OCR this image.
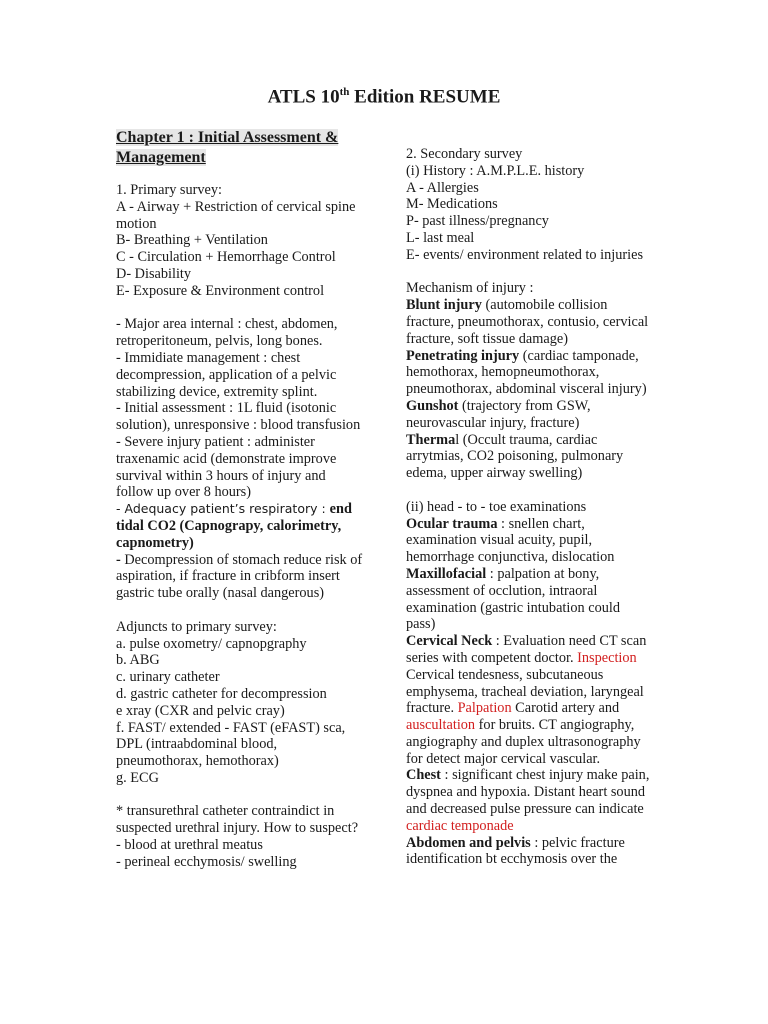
ATLS 10th Edition RESUME
Chapter 1 : Initial Assessment & Management
1. Primary survey:
A - Airway + Restriction of cervical spine motion
B- Breathing + Ventilation
C - Circulation + Hemorrhage Control
D- Disability
E- Exposure & Environment control
- Major area internal : chest, abdomen, retroperitoneum, pelvis, long bones.
- Immidiate management : chest decompression, application of a pelvic stabilizing device, extremity splint.
- Initial assessment : 1L fluid (isotonic solution), unresponsive : blood transfusion
- Severe injury patient : administer traxenamic acid (demonstrate improve survival within 3 hours of injury and follow up over 8 hours)
- Adequacy patient’s respiratory : end tidal CO2 (Capnograpy, calorimetry, capnometry)
- Decompression of stomach reduce risk of aspiration, if fracture in cribform insert gastric tube orally (nasal dangerous)
Adjuncts to primary survey:
a. pulse oxometry/ capnopgraphy
b. ABG
c. urinary catheter
d. gastric catheter for decompression
e xray (CXR and pelvic cray)
f. FAST/ extended - FAST (eFAST) sca, DPL (intraabdominal blood, pneumothorax, hemothorax)
g. ECG
* transurethral catheter contraindict in suspected urethral injury. How to suspect?
- blood at urethral meatus
- perineal ecchymosis/ swelling
2. Secondary survey
(i) History : A.M.P.L.E. history
A - Allergies
M- Medications
P- past illness/pregnancy
L- last meal
E- events/ environment related to injuries
Mechanism of injury :
Blunt injury (automobile collision fracture, pneumothorax, contusio, cervical fracture, soft tissue damage)
Penetrating injury (cardiac tamponade, hemothorax, hemopneumothorax, pneumothorax, abdominal visceral injury)
Gunshot (trajectory from GSW, neurovascular injury, fracture)
Thermal (Occult trauma, cardiac arrytmias, CO2 poisoning, pulmonary edema, upper airway swelling)
(ii) head - to - toe examinations
Ocular trauma : snellen chart, examination visual acuity, pupil, hemorrhage conjunctiva, dislocation
Maxillofacial : palpation at bony, assessment of occlution, intraoral examination (gastric intubation could pass)
Cervical Neck : Evaluation need CT scan series with competent doctor. Inspection Cervical tendesness, subcutaneous emphysema, tracheal deviation, laryngeal fracture. Palpation Carotid artery and auscultation for bruits. CT angiography, angiography and duplex ultrasonography for detect major cervical vascular.
Chest : significant chest injury make pain, dyspnea and hypoxia. Distant heart sound and decreased pulse pressure can indicate cardiac temponade
Abdomen and pelvis : pelvic fracture identification bt ecchymosis over the
